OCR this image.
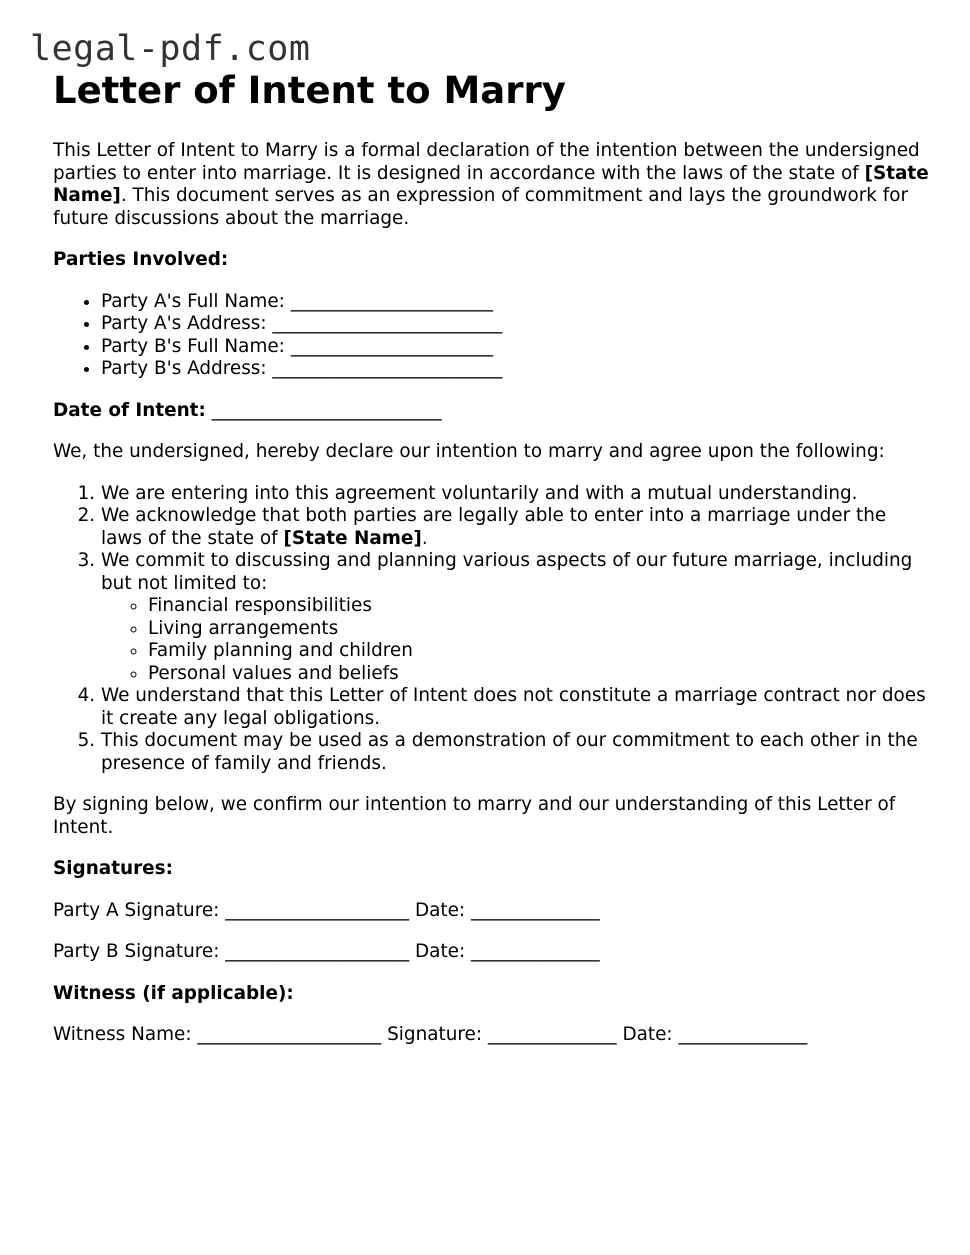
legal-pdf.com
Letter of Intent to Marry

This Letter of Intent to Marry is a formal declaration of the intention between the undersigned parties to enter into marriage. It is designed in accordance with the laws of the state of [State Name]. This document serves as an expression of commitment and lays the groundwork for future discussions about the marriage.

Parties Involved:

• Party A's Full Name: ______________________
• Party A's Address: _________________________
• Party B's Full Name: ______________________
• Party B's Address: _________________________

Date of Intent: _________________________

We, the undersigned, hereby declare our intention to marry and agree upon the following:

1. We are entering into this agreement voluntarily and with a mutual understanding.
2. We acknowledge that both parties are legally able to enter into a marriage under the laws of the state of [State Name].
3. We commit to discussing and planning various aspects of our future marriage, including but not limited to:
◦ Financial responsibilities
◦ Living arrangements
◦ Family planning and children
◦ Personal values and beliefs
4. We understand that this Letter of Intent does not constitute a marriage contract nor does it create any legal obligations.
5. This document may be used as a demonstration of our commitment to each other in the presence of family and friends.

By signing below, we confirm our intention to marry and our understanding of this Letter of Intent.

Signatures:

Party A Signature: ____________________ Date: ______________

Party B Signature: ____________________ Date: ______________

Witness (if applicable):

Witness Name: ____________________ Signature: ______________ Date: ______________
